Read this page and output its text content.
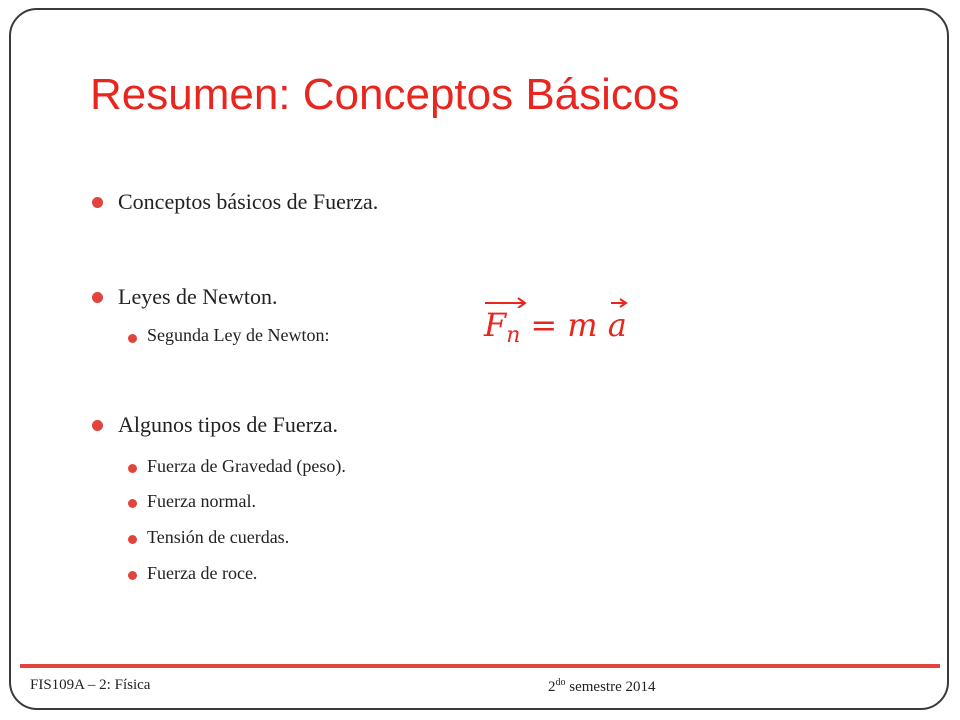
Resumen: Conceptos Básicos
Conceptos básicos de Fuerza.
Leyes de Newton.
Segunda Ley de Newton:	Fn = m a
Algunos tipos de Fuerza.
Fuerza de Gravedad (peso).
Fuerza normal.
Tensión de cuerdas.
Fuerza de roce.
FIS109A – 2: Física	$2^{do}$ semestre 2014
